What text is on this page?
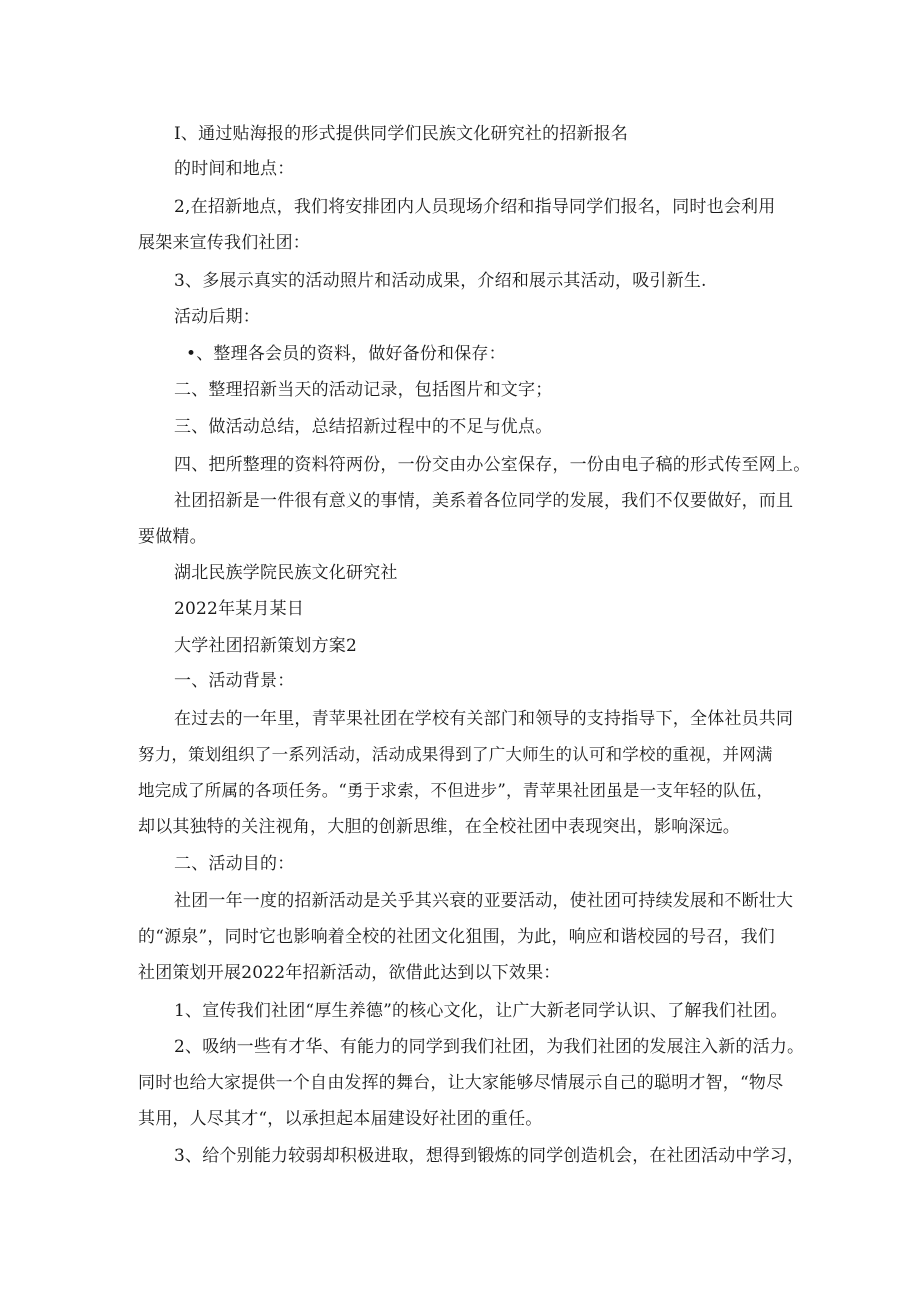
I、通过贴海报的形式提供同学们民族文化研究社的招新报名
的时间和地点：
2,在招新地点，我们将安排团内人员现场介绍和指导同学们报名，同时也会利用
展架来宣传我们社团：
3、多展示真实的活动照片和活动成果，介绍和展示其活动，吸引新生.
活动后期：
•、整理各会员的资料，做好备份和保存：
二、整理招新当天的活动记录，包括图片和文字；
三、做活动总结，总结招新过程中的不足与优点。
四、把所整理的资料符两份，一份交由办公室保存，一份由电子稿的形式传至网上。
社团招新是一件很有意义的事情，美系着各位同学的发展，我们不仅要做好，而且
要做精。
湖北民族学院民族文化研究社
2022年某月某日
大学社团招新策划方案2
一、活动背景：
在过去的一年里，青苹果社团在学校有关部门和领导的支持指导下，全体社员共同
努力，策划组织了一系列活动，活动成果得到了广大师生的认可和学校的重视，并网满
地完成了所属的各项任务。“勇于求索，不但进步”，青苹果社团虽是一支年轻的队伍，
却以其独特的关注视角，大胆的创新思维，在全校社团中表现突出，影响深远。
二、活动目的：
社团一年一度的招新活动是关乎其兴衰的亚要活动，使社团可持续发展和不断壮大
的“源泉”，同时它也影响着全校的社团文化狙围，为此，响应和谐校园的号召，我们
社团策划开展2022年招新活动，欲借此达到以下效果：
1、宣传我们社团“厚生养德”的核心文化，让广大新老同学认识、了解我们社团。
2、吸纳一些有才华、有能力的同学到我们社团，为我们社团的发展注入新的活力。
同时也给大家提供一个自由发挥的舞台，让大家能够尽情展示自己的聪明才智，“物尽
其用，人尽其才“，以承担起本届建设好社团的重任。
3、给个别能力较弱却积极进取，想得到锻炼的同学创造机会，在社团活动中学习，
